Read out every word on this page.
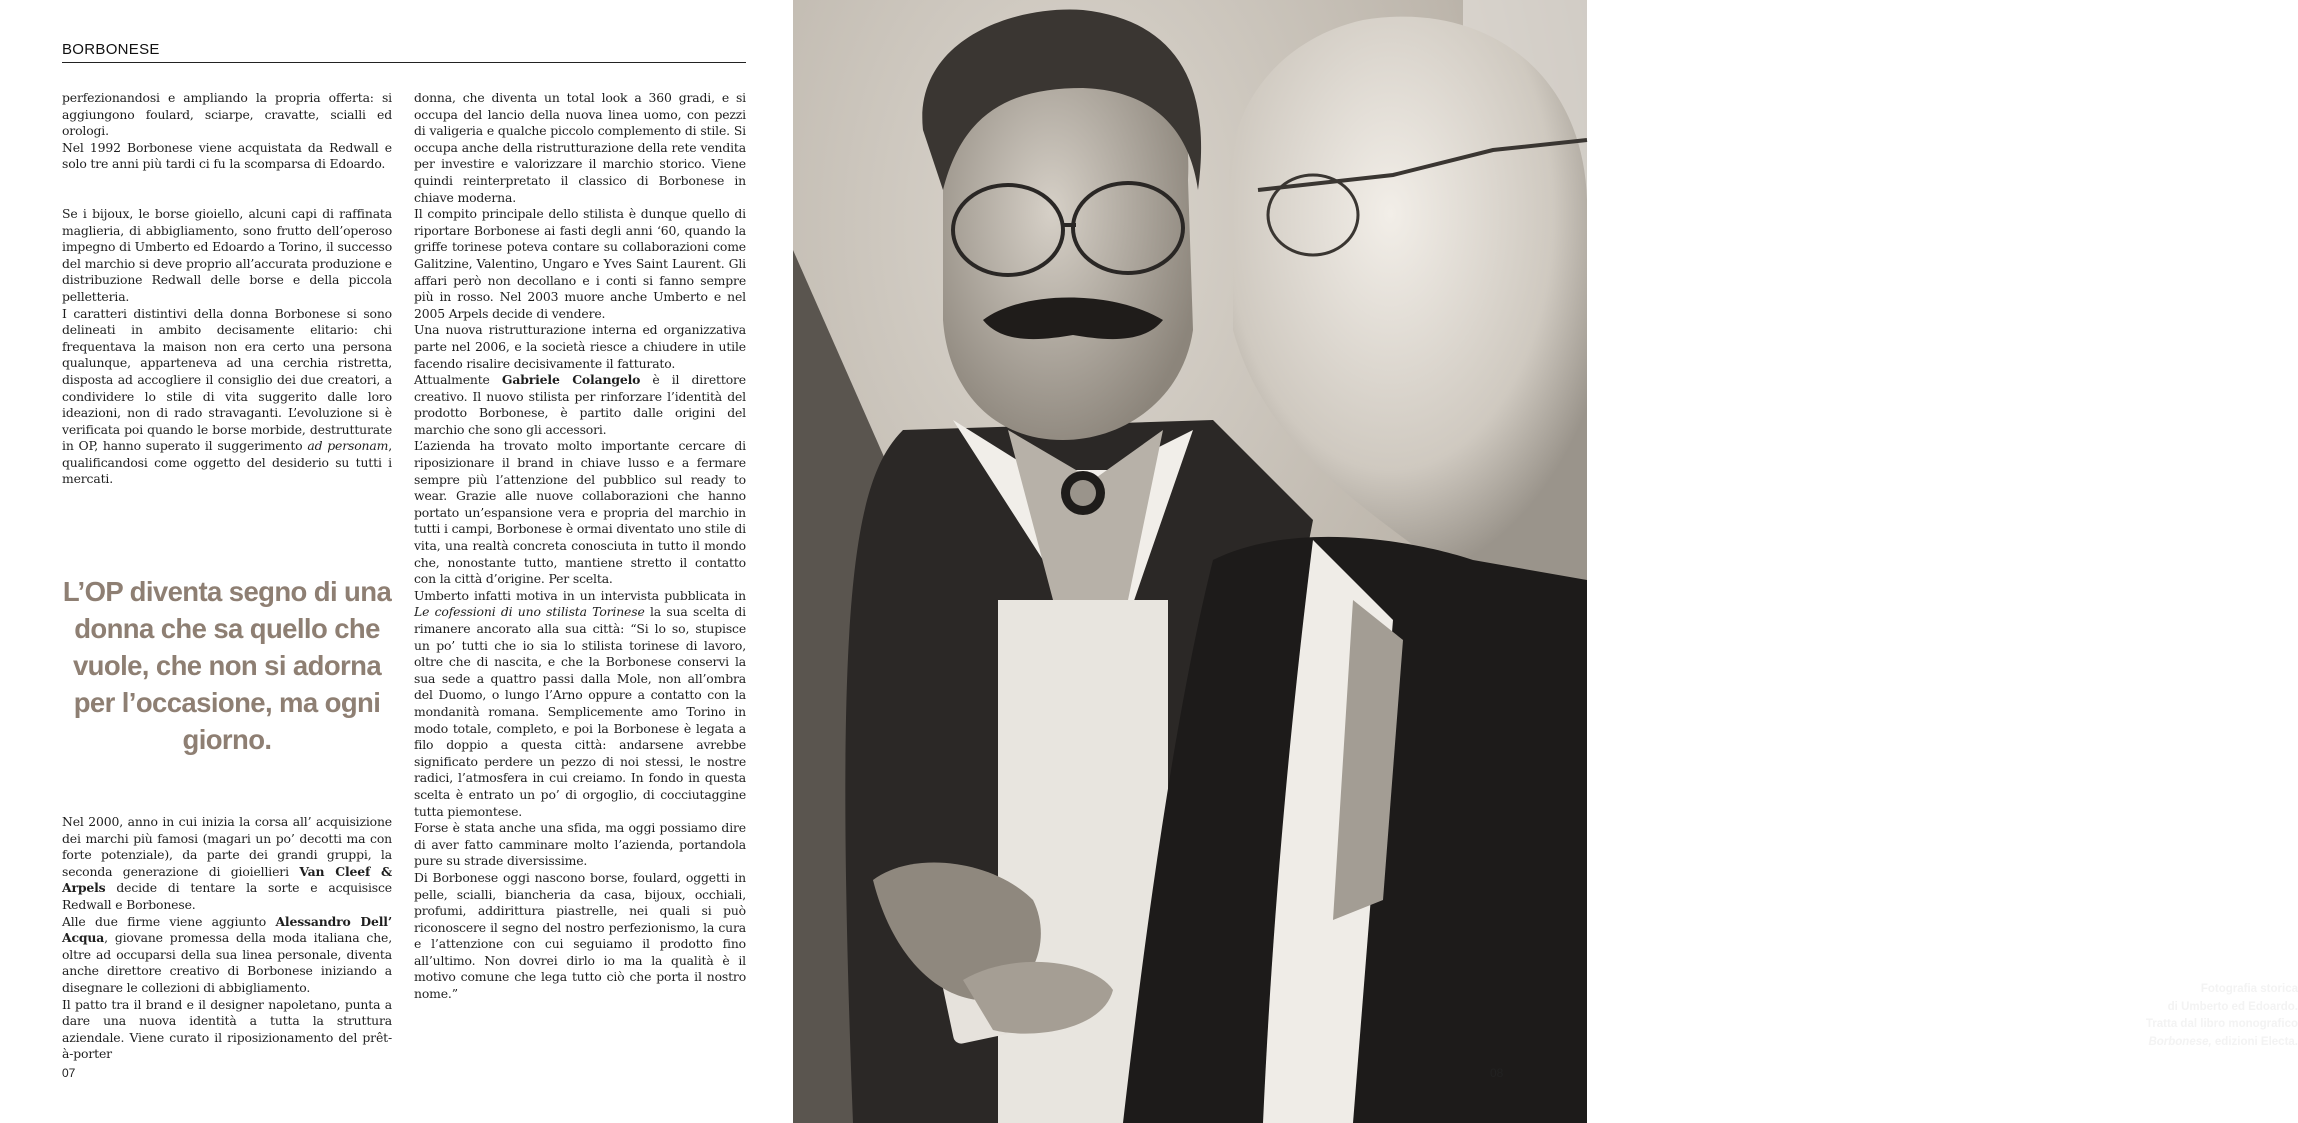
BORBONESE

perfezionandosi e ampliando la propria offerta: si aggiungono foulard, sciarpe, cravatte, scialli ed orologi.

Nel 1992 Borbonese viene acquistata da Redwall e solo tre anni più tardi ci fu la scomparsa di Edoardo.

Se i bijoux, le borse gioiello, alcuni capi di raffinata maglieria, di abbigliamento, sono frutto dell’operoso impegno di Umberto ed Edoardo a Torino, il successo del marchio si deve proprio all’accurata produzione e distribuzione Redwall delle borse e della piccola pelletteria.

I caratteri distintivi della donna Borbonese si sono delineati in ambito decisamente elitario: chi frequentava la maison non era certo una persona qualunque, apparteneva ad una cerchia ristretta, disposta ad accogliere il consiglio dei due creatori, a condividere lo stile di vita suggerito dalle loro ideazioni, non di rado stravaganti. L’evoluzione si è verificata poi quando le borse morbide, destrutturate in OP, hanno superato il suggerimento ad personam, qualificandosi come oggetto del desiderio su tutti i mercati.

L’OP diventa segno di una donna che sa quello che vuole, che non si adorna per l’occasione, ma ogni giorno.

Nel 2000, anno in cui inizia la corsa all’ acquisizione dei marchi più famosi (magari un po’ decotti ma con forte potenziale), da parte dei grandi gruppi, la seconda generazione di gioiellieri Van Cleef & Arpels decide di tentare la sorte e acquisisce Redwall e Borbonese.

Alle due firme viene aggiunto Alessandro Dell’ Acqua, giovane promessa della moda italiana che, oltre ad occuparsi della sua linea personale, diventa anche direttore creativo di Borbonese iniziando a disegnare le collezioni di abbigliamento.

Il patto tra il brand e il designer napoletano, punta a dare una nuova identità a tutta la struttura aziendale. Viene curato il riposizionamento del prêt-à-porter

donna, che diventa un total look a 360 gradi, e si occupa del lancio della nuova linea uomo, con pezzi di valigeria e qualche piccolo complemento di stile. Si occupa anche della ristrutturazione della rete vendita per investire e valorizzare il marchio storico. Viene quindi reinterpretato il classico di Borbonese in chiave moderna.

Il compito principale dello stilista è dunque quello di riportare Borbonese ai fasti degli anni ‘60, quando la griffe torinese poteva contare su collaborazioni come Galitzine, Valentino, Ungaro e Yves Saint Laurent. Gli affari però non decollano e i conti si fanno sempre più in rosso. Nel 2003 muore anche Umberto e nel 2005 Arpels decide di vendere.

Una nuova ristrutturazione interna ed organizzativa parte nel 2006, e la società riesce a chiudere in utile facendo risalire decisivamente il fatturato.

Attualmente Gabriele Colangelo è il direttore creativo. Il nuovo stilista per rinforzare l’identità del prodotto Borbonese, è partito dalle origini del marchio che sono gli accessori.

L’azienda ha trovato molto importante cercare di riposizionare il brand in chiave lusso e a fermare sempre più l’attenzione del pubblico sul ready to wear. Grazie alle nuove collaborazioni che hanno portato un’espansione vera e propria del marchio in tutti i campi, Borbonese è ormai diventato uno stile di vita, una realtà concreta conosciuta in tutto il mondo che, nonostante tutto, mantiene stretto il contatto con la città d’origine. Per scelta.

Umberto infatti motiva in un intervista pubblicata in Le cofessioni di uno stilista Torinese la sua scelta di rimanere ancorato alla sua città: “Si lo so, stupisce un po’ tutti che io sia lo stilista torinese di lavoro, oltre che di nascita, e che la Borbonese conservi la sua sede a quattro passi dalla Mole, non all’ombra del Duomo, o lungo l’Arno oppure a contatto con la mondanità romana. Semplicemente amo Torino in modo totale, completo, e poi la Borbonese è legata a filo doppio a questa città: andarsene avrebbe significato perdere un pezzo di noi stessi, le nostre radici, l’atmosfera in cui creiamo. In fondo in questa scelta è entrato un po’ di orgoglio, di cocciutaggine tutta piemontese.

Forse è stata anche una sfida, ma oggi possiamo dire di aver fatto camminare molto l’azienda, portandola pure su strade diversissime.

Di Borbonese oggi nascono borse, foulard, oggetti in pelle, scialli, biancheria da casa, bijoux, occhiali, profumi, addirittura piastrelle, nei quali si può riconoscere il segno del nostro perfezionismo, la cura e l’attenzione con cui seguiamo il prodotto fino all’ultimo. Non dovrei dirlo io ma la qualità è il motivo comune che lega tutto ciò che porta il nostro nome.”

07
Fotografia storica
di Umberto ed Edoardo.
Tratta dal libro monografico
Borbonese, edizioni Electa.
08
